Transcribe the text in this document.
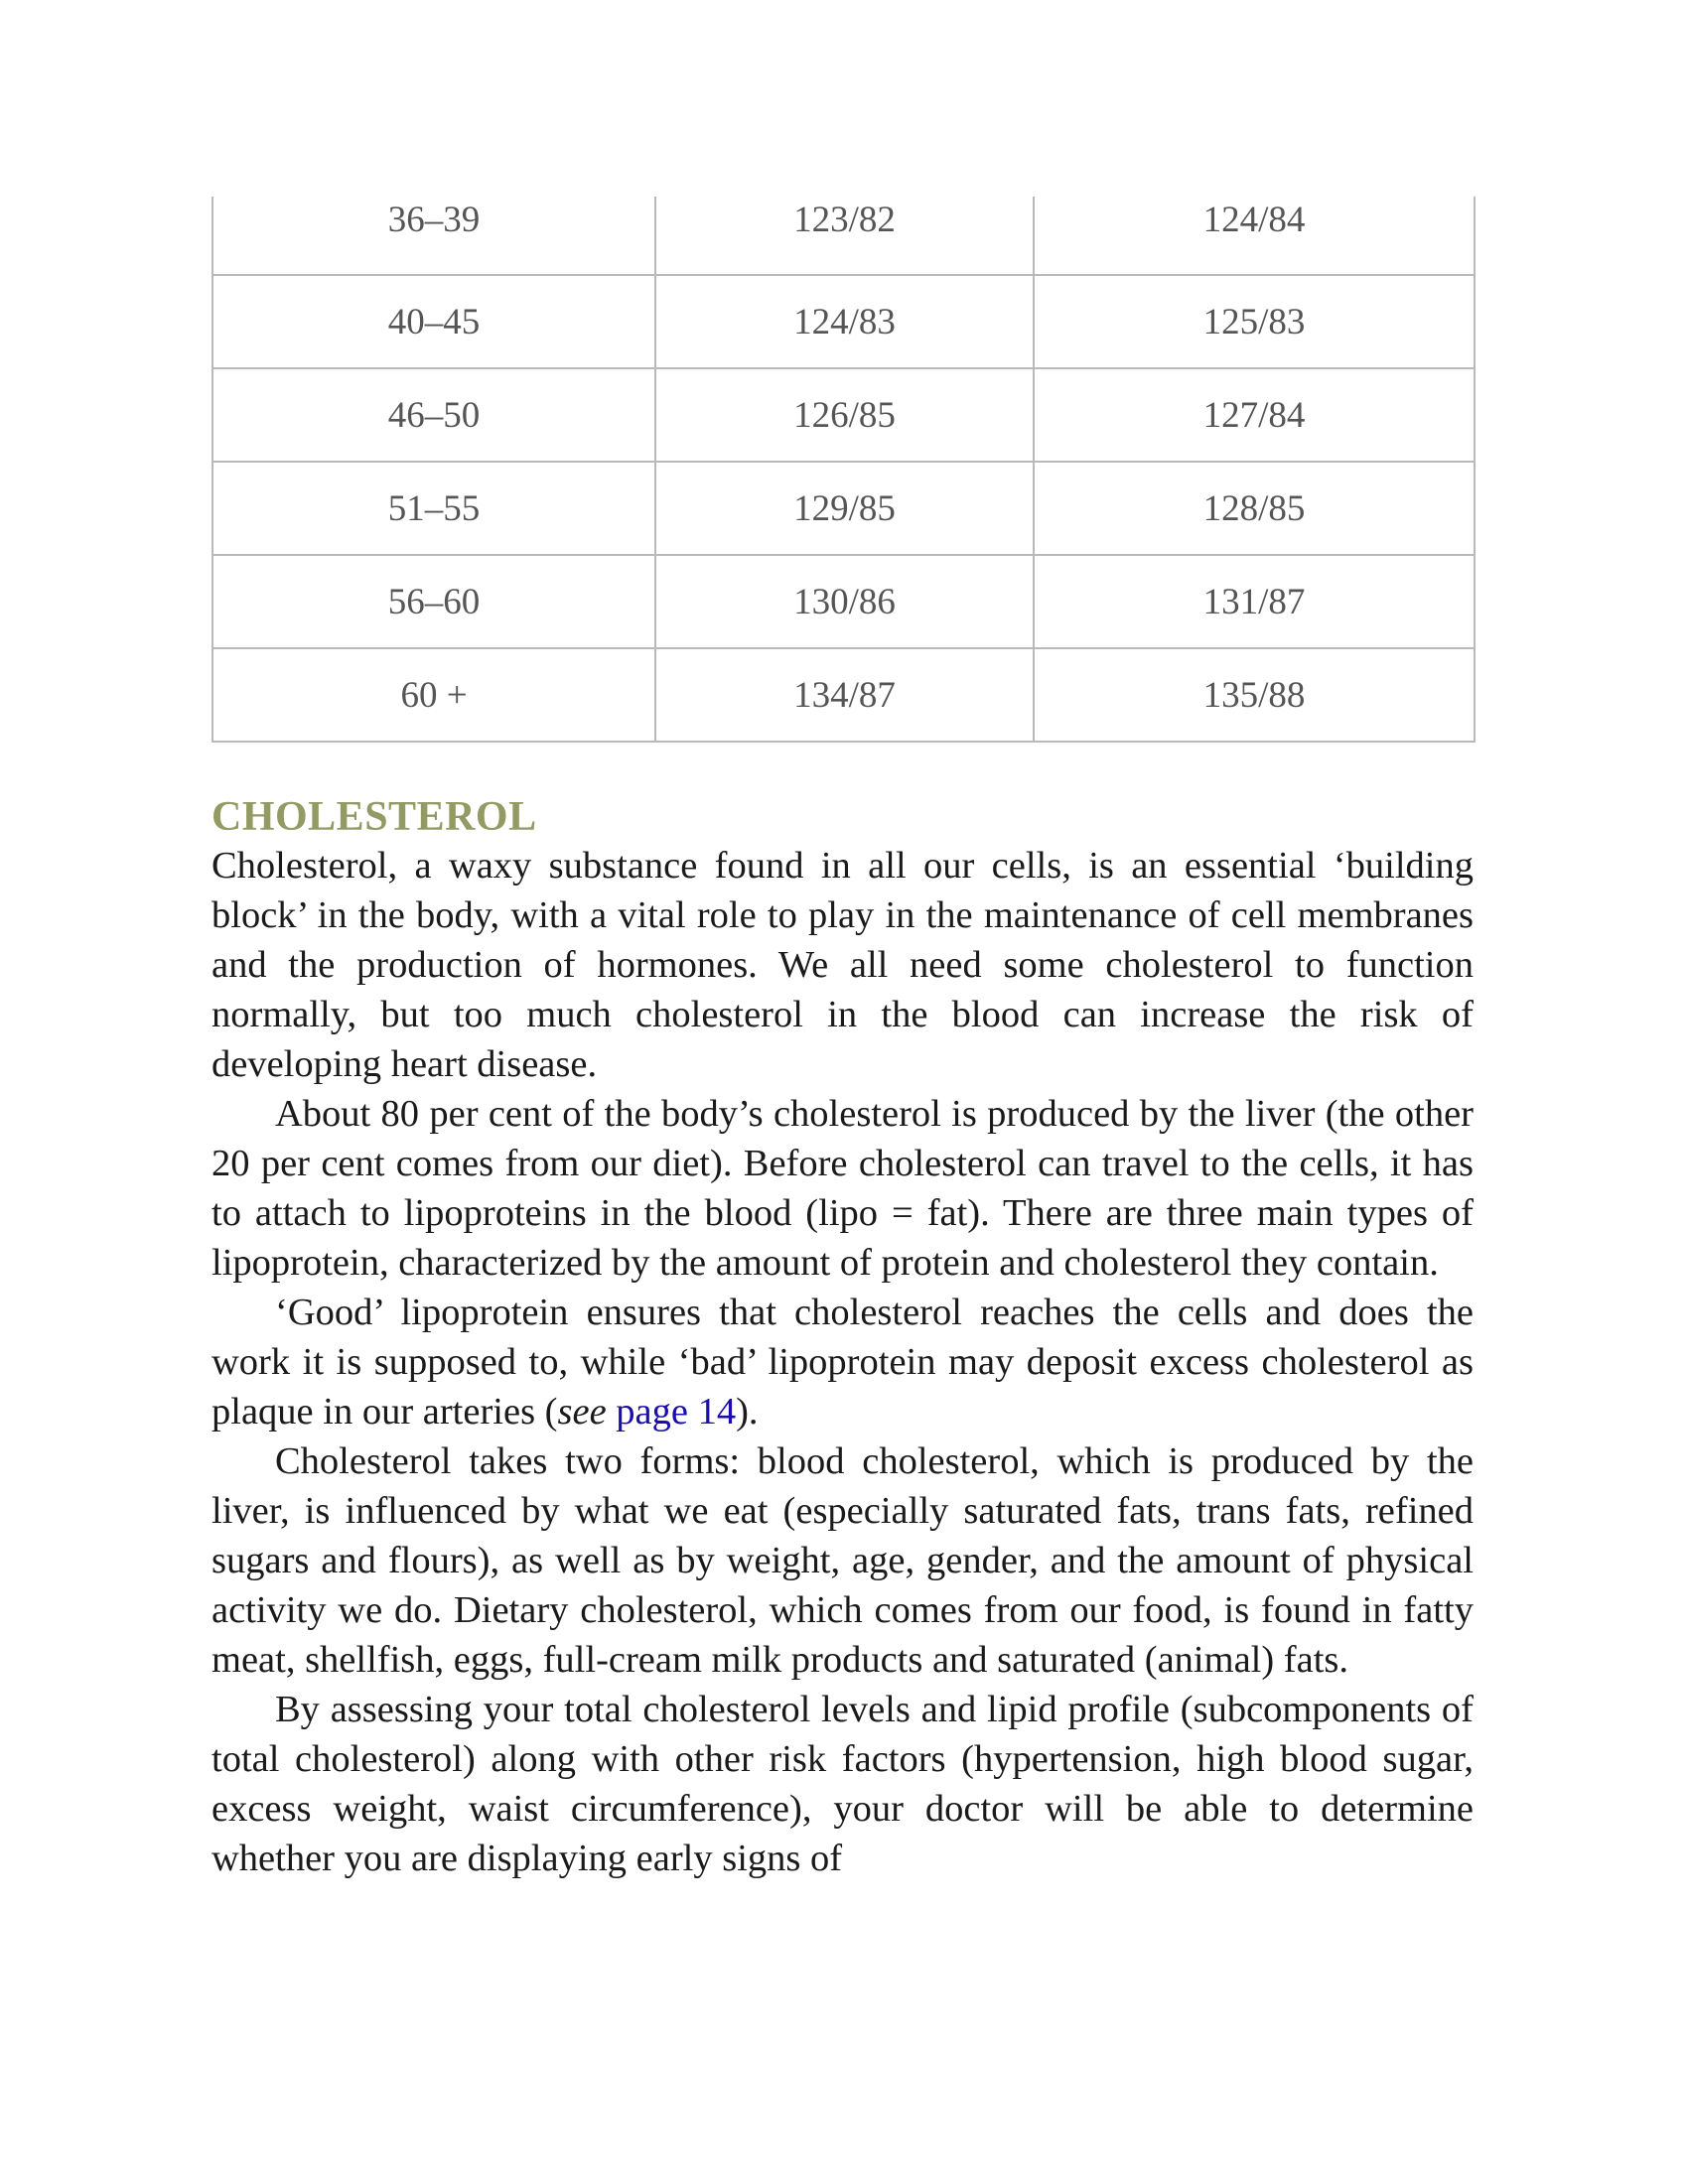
36–39	123/82	124/84
40–45	124/83	125/83
46–50	126/85	127/84
51–55	129/85	128/85
56–60	130/86	131/87
60 +	134/87	135/88
CHOLESTEROL

Cholesterol, a waxy substance found in all our cells, is an essential ‘building block’ in the body, with a vital role to play in the maintenance of cell membranes and the production of hormones. We all need some cholesterol to function normally, but too much cholesterol in the blood can increase the risk of developing heart disease.

About 80 per cent of the body’s cholesterol is produced by the liver (the other 20 per cent comes from our diet). Before cholesterol can travel to the cells, it has to attach to lipoproteins in the blood (lipo = fat). There are three main types of lipoprotein, characterized by the amount of protein and cholesterol they contain.

‘Good’ lipoprotein ensures that cholesterol reaches the cells and does the work it is supposed to, while ‘bad’ lipoprotein may deposit excess cholesterol as plaque in our arteries (see page 14).

Cholesterol takes two forms: blood cholesterol, which is produced by the liver, is influenced by what we eat (especially saturated fats, trans fats, refined sugars and flours), as well as by weight, age, gender, and the amount of physical activity we do. Dietary cholesterol, which comes from our food, is found in fatty meat, shellfish, eggs, full-cream milk products and saturated (animal) fats.

By assessing your total cholesterol levels and lipid profile (subcomponents of total cholesterol) along with other risk factors (hypertension, high blood sugar, excess weight, waist circumference), your doctor will be able to determine whether you are displaying early signs of
